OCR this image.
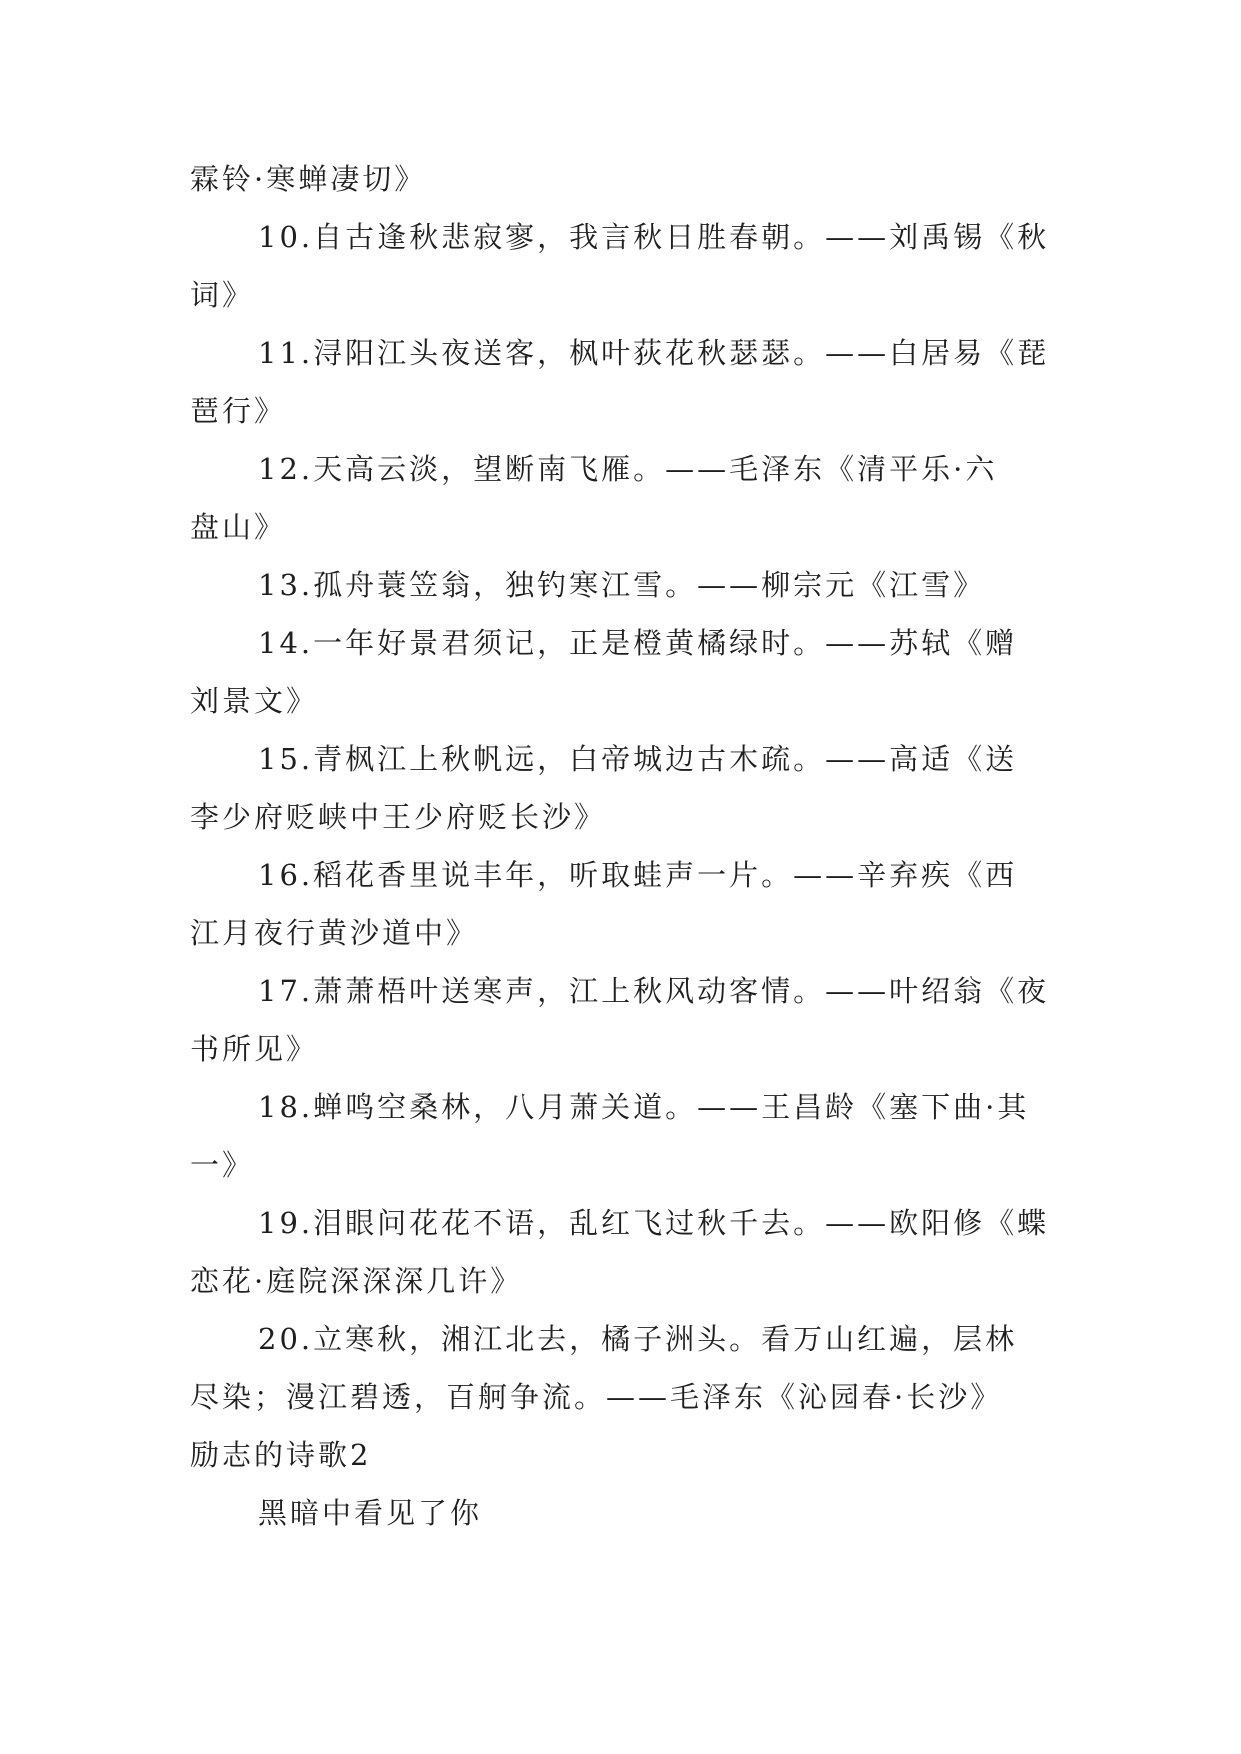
霖铃·寒蝉凄切》
10.自古逢秋悲寂寥，我言秋日胜春朝。——刘禹锡《秋
词》
11.浔阳江头夜送客，枫叶荻花秋瑟瑟。——白居易《琵
琶行》
12.天高云淡，望断南飞雁。——毛泽东《清平乐·六
盘山》
13.孤舟蓑笠翁，独钓寒江雪。——柳宗元《江雪》
14.一年好景君须记，正是橙黄橘绿时。——苏轼《赠
刘景文》
15.青枫江上秋帆远，白帝城边古木疏。——高适《送
李少府贬峡中王少府贬长沙》
16.稻花香里说丰年，听取蛙声一片。——辛弃疾《西
江月夜行黄沙道中》
17.萧萧梧叶送寒声，江上秋风动客情。——叶绍翁《夜
书所见》
18.蝉鸣空桑林，八月萧关道。——王昌龄《塞下曲·其
一》
19.泪眼问花花不语，乱红飞过秋千去。——欧阳修《蝶
恋花·庭院深深深几许》
20.立寒秋，湘江北去，橘子洲头。看万山红遍，层林
尽染；漫江碧透，百舸争流。——毛泽东《沁园春·长沙》
励志的诗歌2
黑暗中看见了你
